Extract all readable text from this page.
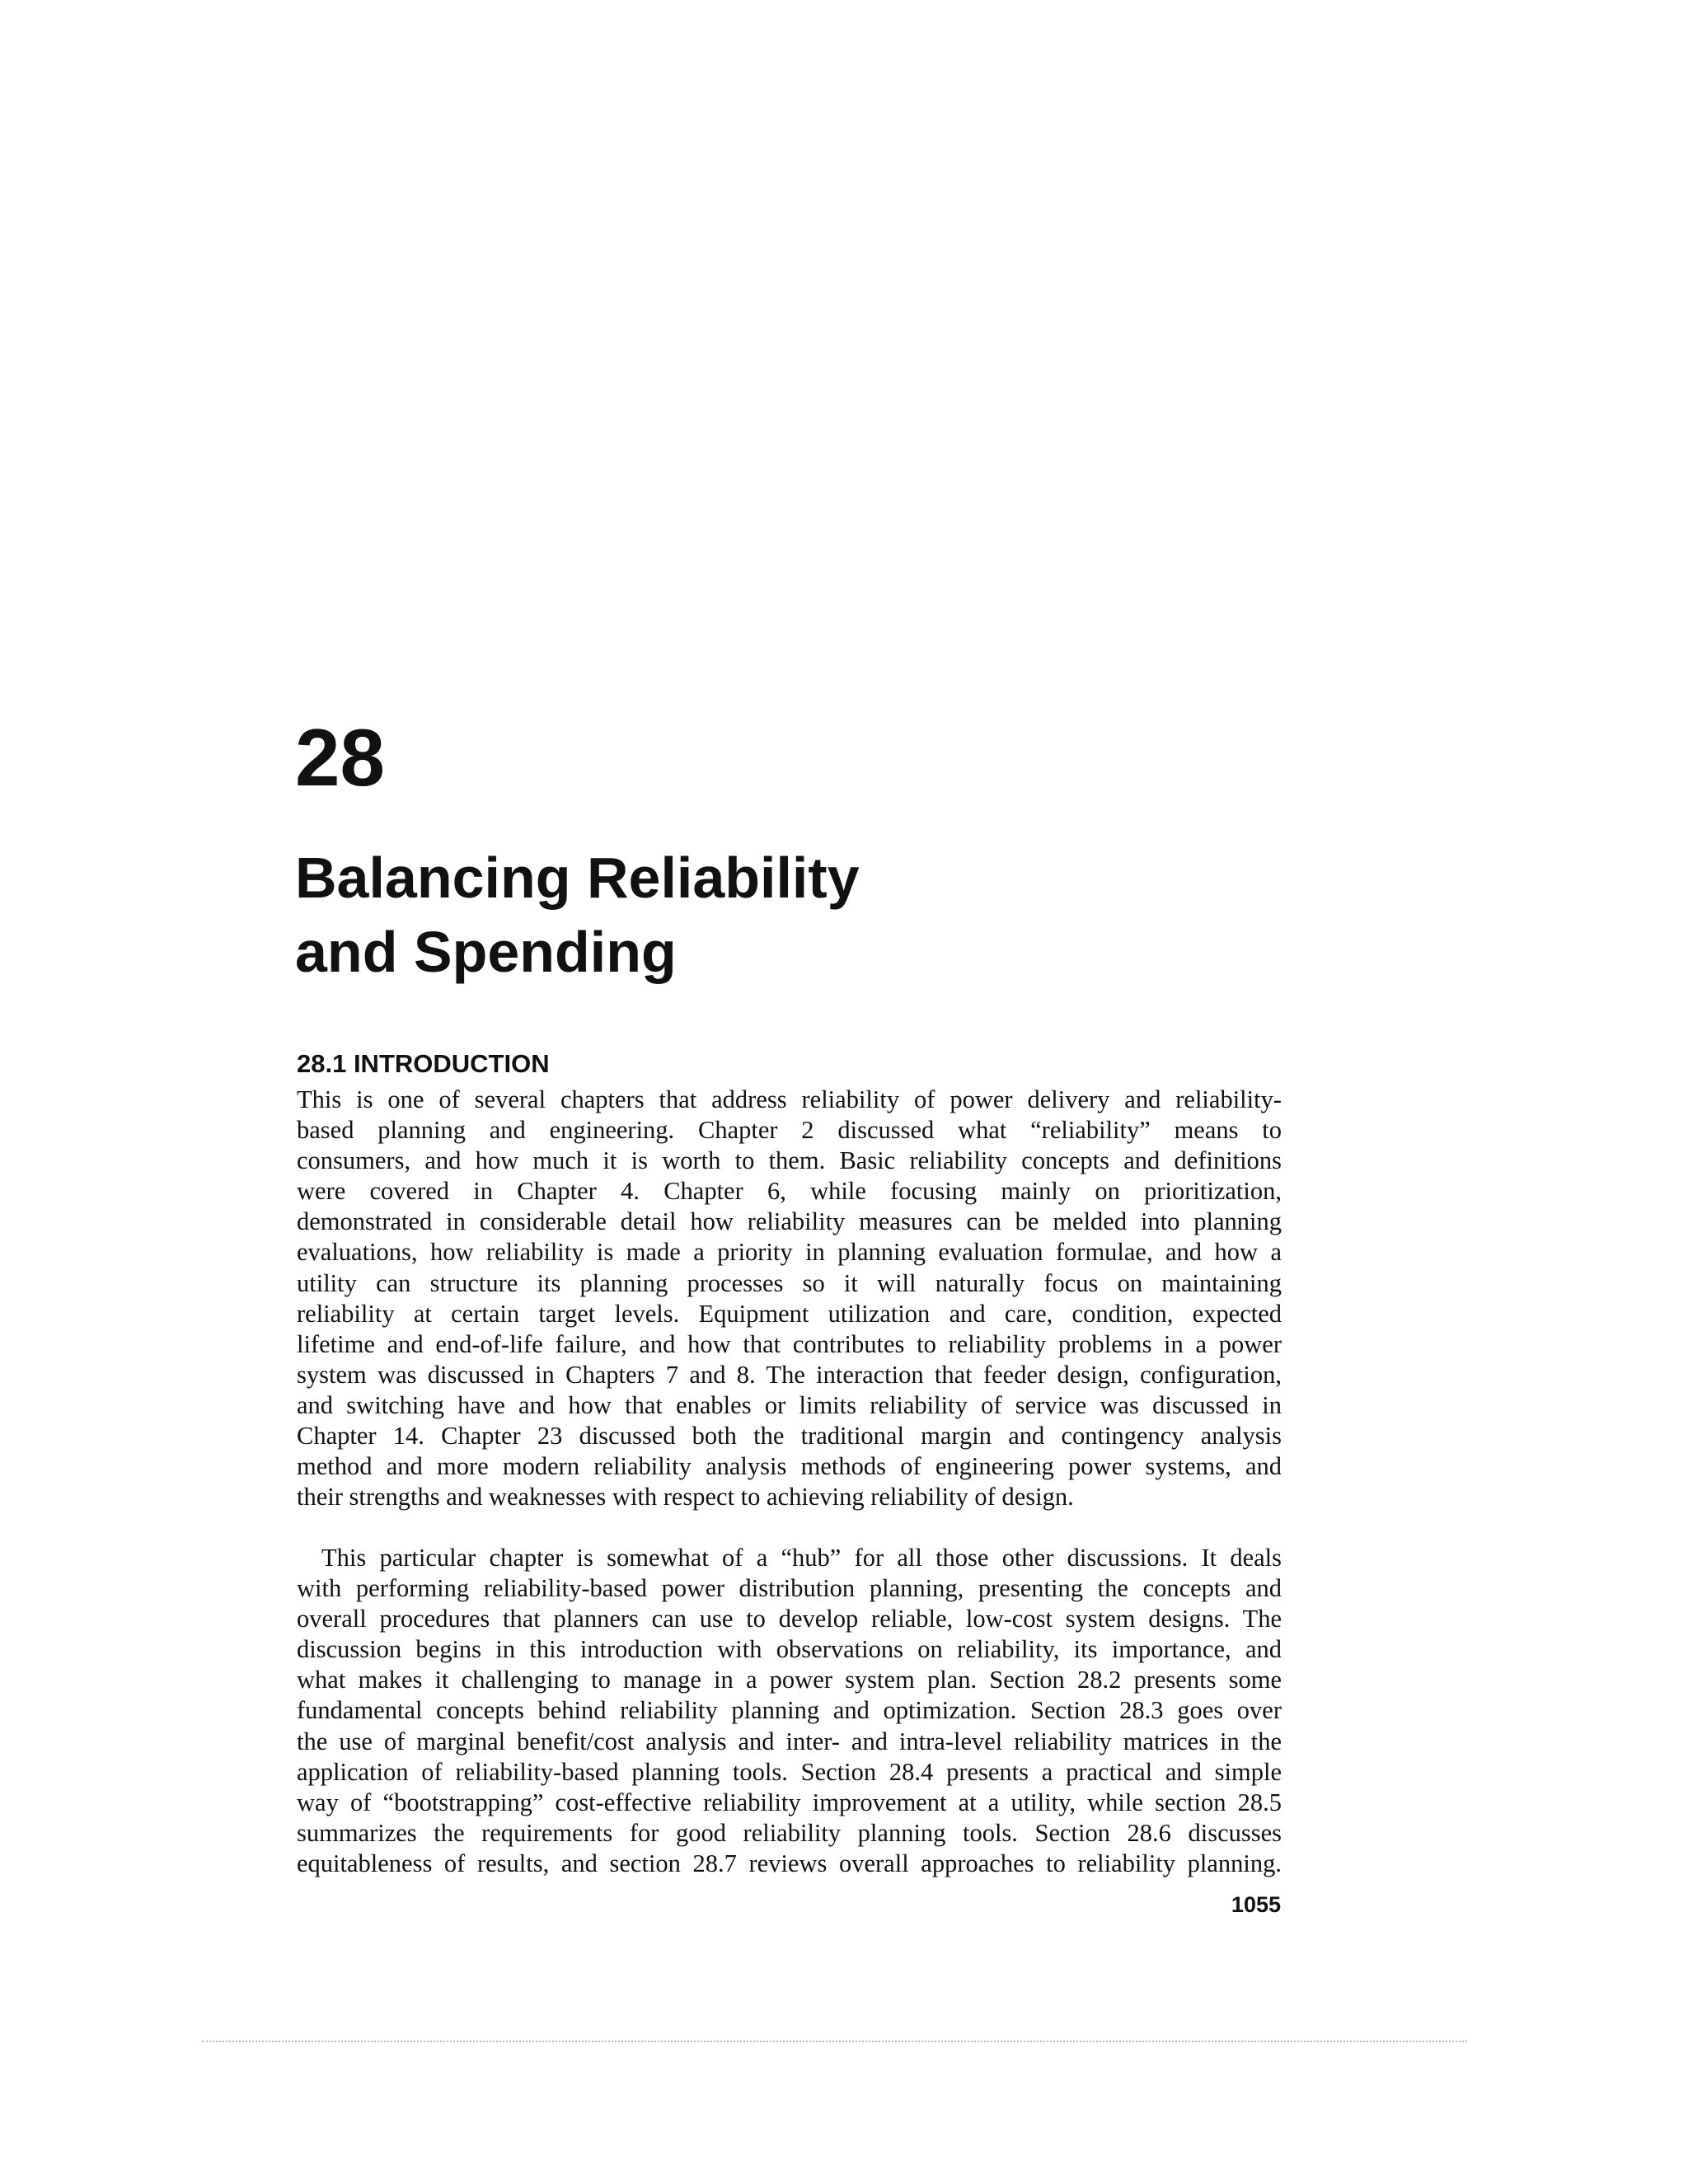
28
Balancing Reliability
and Spending
28.1 INTRODUCTION

This is one of several chapters that address reliability of power delivery and reliability-
based planning and engineering. Chapter 2 discussed what “reliability” means to
consumers, and how much it is worth to them. Basic reliability concepts and definitions
were covered in Chapter 4. Chapter 6, while focusing mainly on prioritization,
demonstrated in considerable detail how reliability measures can be melded into planning
evaluations, how reliability is made a priority in planning evaluation formulae, and how a
utility can structure its planning processes so it will naturally focus on maintaining
reliability at certain target levels. Equipment utilization and care, condition, expected
lifetime and end-of-life failure, and how that contributes to reliability problems in a power
system was discussed in Chapters 7 and 8. The interaction that feeder design, configuration,
and switching have and how that enables or limits reliability of service was discussed in
Chapter 14. Chapter 23 discussed both the traditional margin and contingency analysis
method and more modern reliability analysis methods of engineering power systems, and
their strengths and weaknesses with respect to achieving reliability of design.

This particular chapter is somewhat of a “hub” for all those other discussions. It deals
with performing reliability-based power distribution planning, presenting the concepts and
overall procedures that planners can use to develop reliable, low-cost system designs. The
discussion begins in this introduction with observations on reliability, its importance, and
what makes it challenging to manage in a power system plan. Section 28.2 presents some
fundamental concepts behind reliability planning and optimization. Section 28.3 goes over
the use of marginal benefit/cost analysis and inter- and intra-level reliability matrices in the
application of reliability-based planning tools. Section 28.4 presents a practical and simple
way of “bootstrapping” cost-effective reliability improvement at a utility, while section 28.5
summarizes the requirements for good reliability planning tools. Section 28.6 discusses
equitableness of results, and section 28.7 reviews overall approaches to reliability planning.

1055
